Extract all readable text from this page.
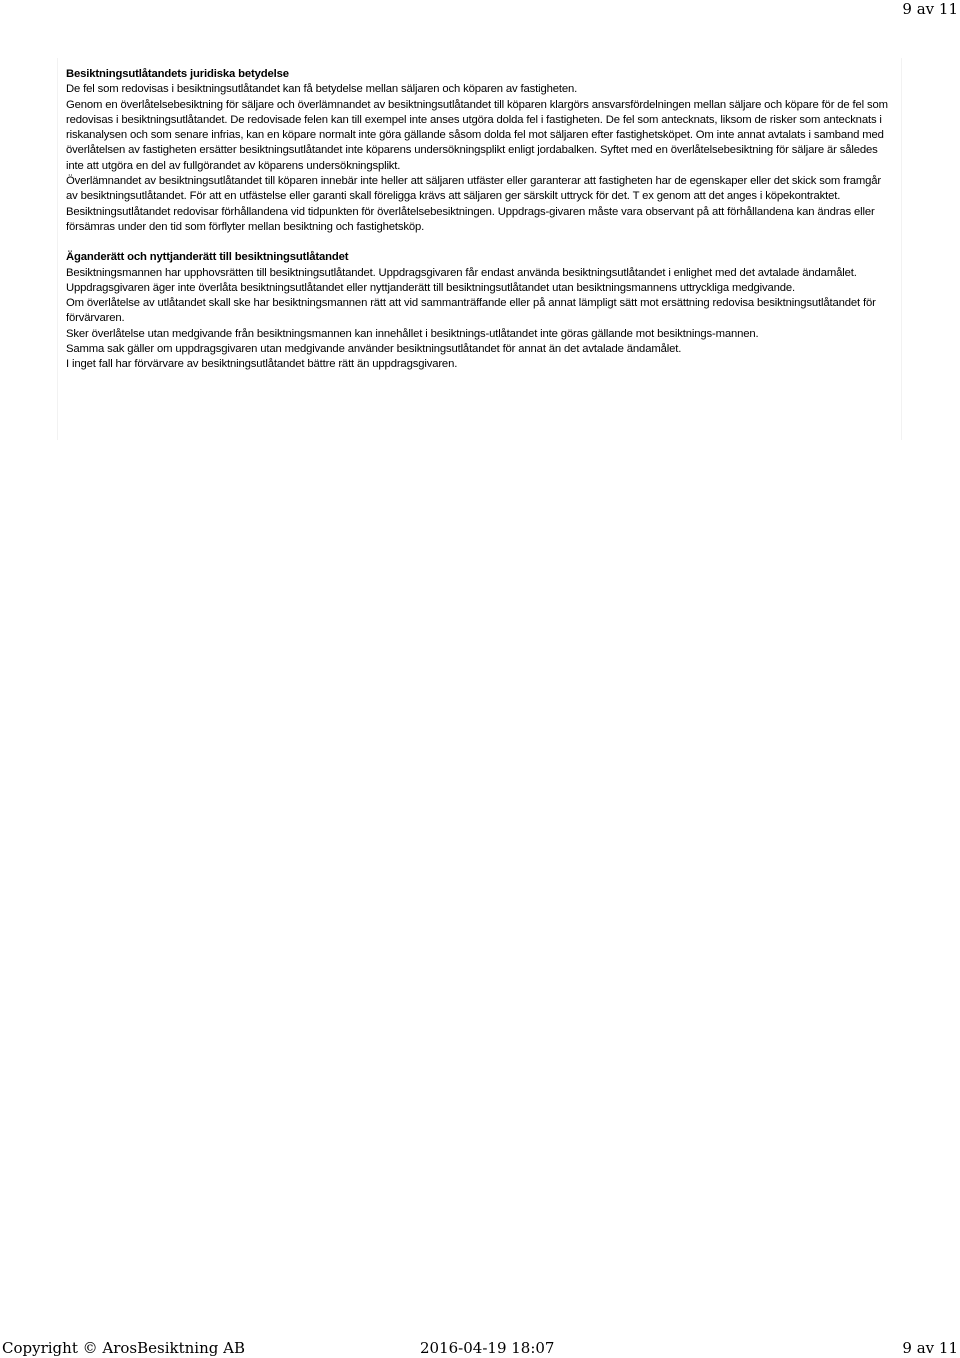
9 av 11

Besiktningsutlåtandets juridiska betydelse

De fel som redovisas i besiktningsutlåtandet kan få betydelse mellan säljaren och köparen av fastigheten.

Genom en överlåtelsebesiktning för säljare och överlämnandet av besiktningsutlåtandet till köparen klargörs ansvarsfördelningen mellan säljare och köpare för de fel som redovisas i besiktningsutlåtandet. De redovisade felen kan till exempel inte anses utgöra dolda fel i fastigheten. De fel som antecknats, liksom de risker som antecknats i riskanalysen och som senare infrias, kan en köpare normalt inte göra gällande såsom dolda fel mot säljaren efter fastighetsköpet. Om inte annat avtalats i samband med överlåtelsen av fastigheten ersätter besiktningsutlåtandet inte köparens undersökningsplikt enligt jordabalken. Syftet med en överlåtelsebesiktning för säljare är således inte att utgöra en del av fullgörandet av köparens undersökningsplikt.

Överlämnandet av besiktningsutlåtandet till köparen innebär inte heller att säljaren utfäster eller garanterar att fastigheten har de egenskaper eller det skick som framgår av besiktningsutlåtandet. För att en utfästelse eller garanti skall föreligga krävs att säljaren ger särskilt uttryck för det. T ex genom att det anges i köpekontraktet.

Besiktningsutlåtandet redovisar förhållandena vid tidpunkten för överlåtelsebesiktningen. Uppdrags-givaren måste vara observant på att förhållandena kan ändras eller försämras under den tid som förflyter mellan besiktning och fastighetsköp.

Äganderätt och nyttjanderätt till besiktningsutlåtandet

Besiktningsmannen har upphovsrätten till besiktningsutlåtandet. Uppdragsgivaren får endast använda besiktningsutlåtandet i enlighet med det avtalade ändamålet. Uppdragsgivaren äger inte överlåta besiktningsutlåtandet eller nyttjanderätt till besiktningsutlåtandet utan besiktningsmannens uttryckliga medgivande.

Om överlåtelse av utlåtandet skall ske har besiktningsmannen rätt att vid sammanträffande eller på annat lämpligt sätt mot ersättning redovisa besiktningsutlåtandet för förvärvaren.

Sker överlåtelse utan medgivande från besiktningsmannen kan innehållet i besiktnings-utlåtandet inte göras gällande mot besiktnings-mannen.

Samma sak gäller om uppdragsgivaren utan medgivande använder besiktningsutlåtandet för annat än det avtalade ändamålet.

I inget fall har förvärvare av besiktningsutlåtandet bättre rätt än uppdragsgivaren.

Copyright © ArosBesiktning AB	2016-04-19 18:07	9 av 11
